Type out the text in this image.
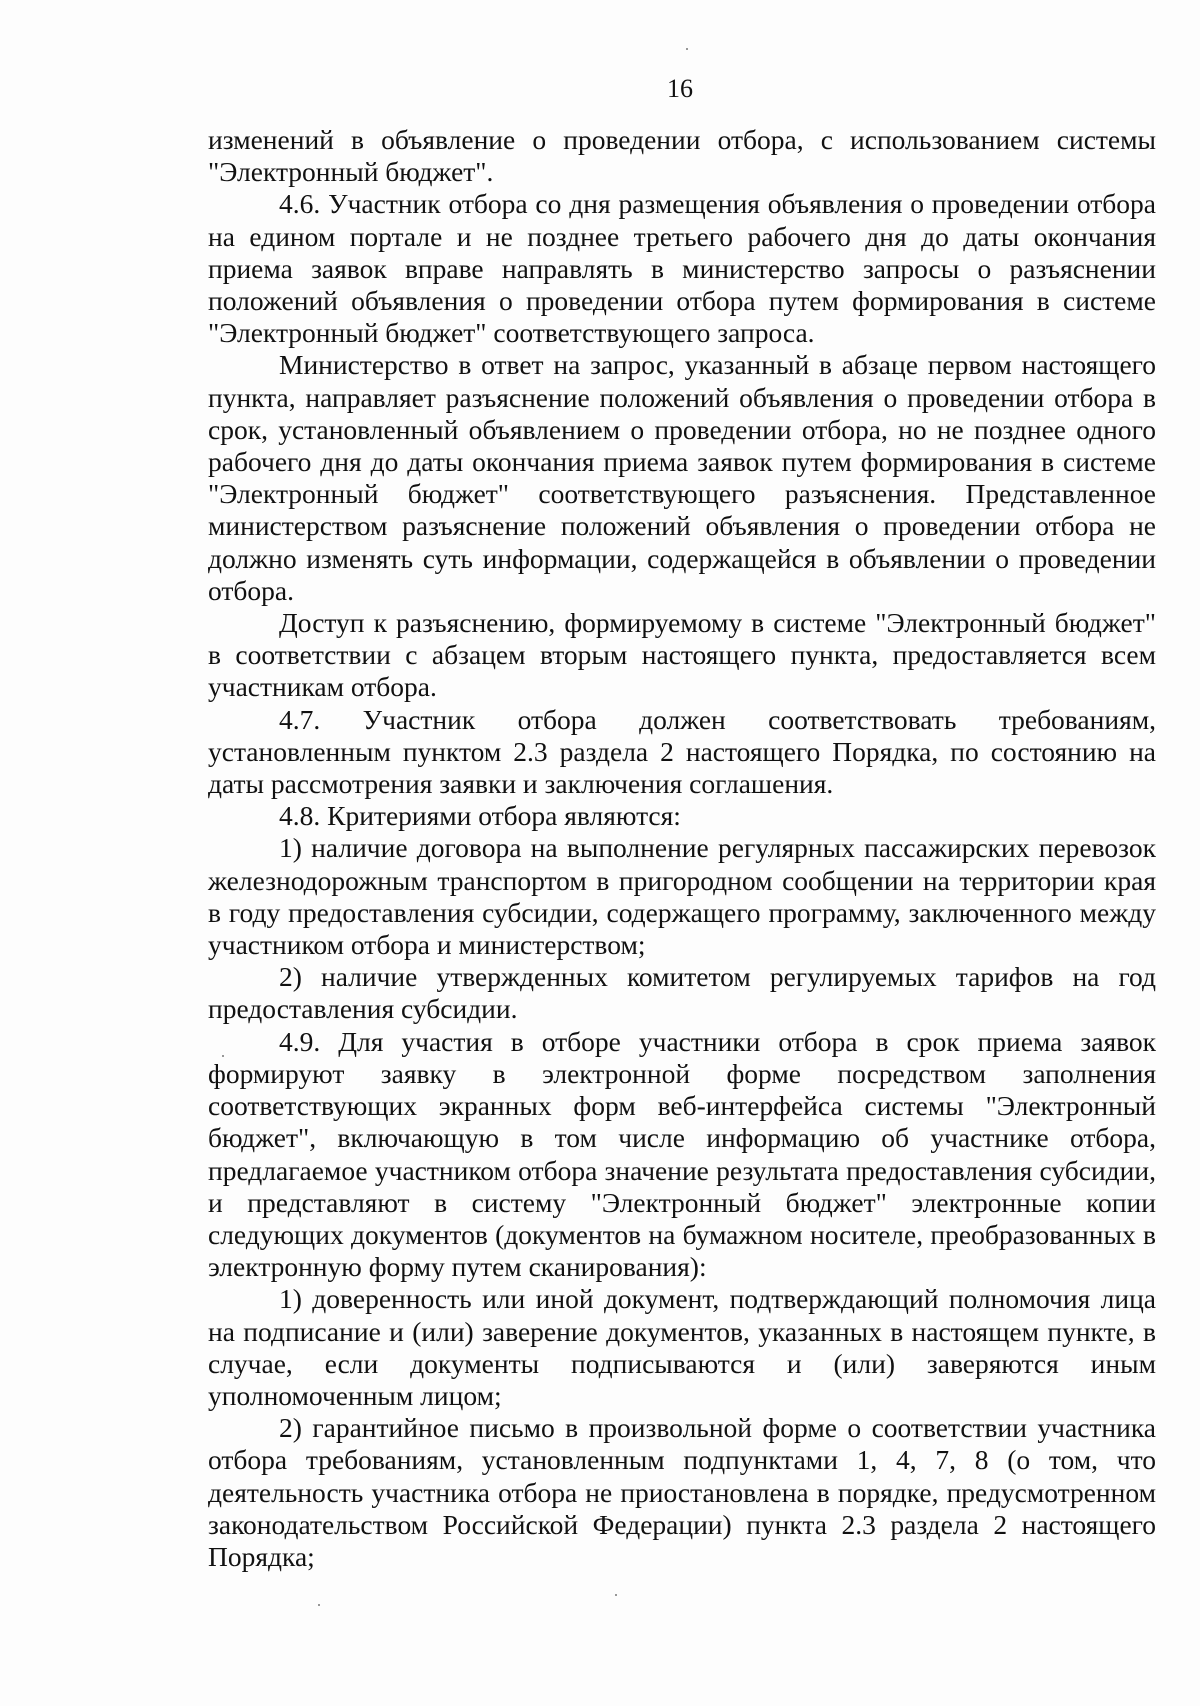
16

изменений в объявление о проведении отбора, с использованием системы "Электронный бюджет".

4.6. Участник отбора со дня размещения объявления о проведении отбора на едином портале и не позднее третьего рабочего дня до даты окончания приема заявок вправе направлять в министерство запросы о разъяснении положений объявления о проведении отбора путем формирования в системе "Электронный бюджет" соответствующего запроса.

Министерство в ответ на запрос, указанный в абзаце первом настоящего пункта, направляет разъяснение положений объявления о проведении отбора в срок, установленный объявлением о проведении отбора, но не позднее одного рабочего дня до даты окончания приема заявок путем формирования в системе "Электронный бюджет" соответствующего разъяснения. Представленное министерством разъяснение положений объявления о проведении отбора не должно изменять суть информации, содержащейся в объявлении о проведении отбора.

Доступ к разъяснению, формируемому в системе "Электронный бюджет" в соответствии с абзацем вторым настоящего пункта, предоставляется всем участникам отбора.

4.7. Участник отбора должен соответствовать требованиям, установленным пунктом 2.3 раздела 2 настоящего Порядка, по состоянию на даты рассмотрения заявки и заключения соглашения.

4.8. Критериями отбора являются:

1) наличие договора на выполнение регулярных пассажирских перевозок железнодорожным транспортом в пригородном сообщении на территории края в году предоставления субсидии, содержащего программу, заключенного между участником отбора и министерством;

2) наличие утвержденных комитетом регулируемых тарифов на год предоставления субсидии.

4.9. Для участия в отборе участники отбора в срок приема заявок формируют заявку в электронной форме посредством заполнения соответствующих экранных форм веб-интерфейса системы "Электронный бюджет", включающую в том числе информацию об участнике отбора, предлагаемое участником отбора значение результата предоставления субсидии, и представляют в систему "Электронный бюджет" электронные копии следующих документов (документов на бумажном носителе, преобразованных в электронную форму путем сканирования):

1) доверенность или иной документ, подтверждающий полномочия лица на подписание и (или) заверение документов, указанных в настоящем пункте, в случае, если документы подписываются и (или) заверяются иным уполномоченным лицом;

2) гарантийное письмо в произвольной форме о соответствии участника отбора требованиям, установленным подпунктами 1, 4, 7, 8 (о том, что деятельность участника отбора не приостановлена в порядке, предусмотренном законодательством Российской Федерации) пункта 2.3 раздела 2 настоящего Порядка;
